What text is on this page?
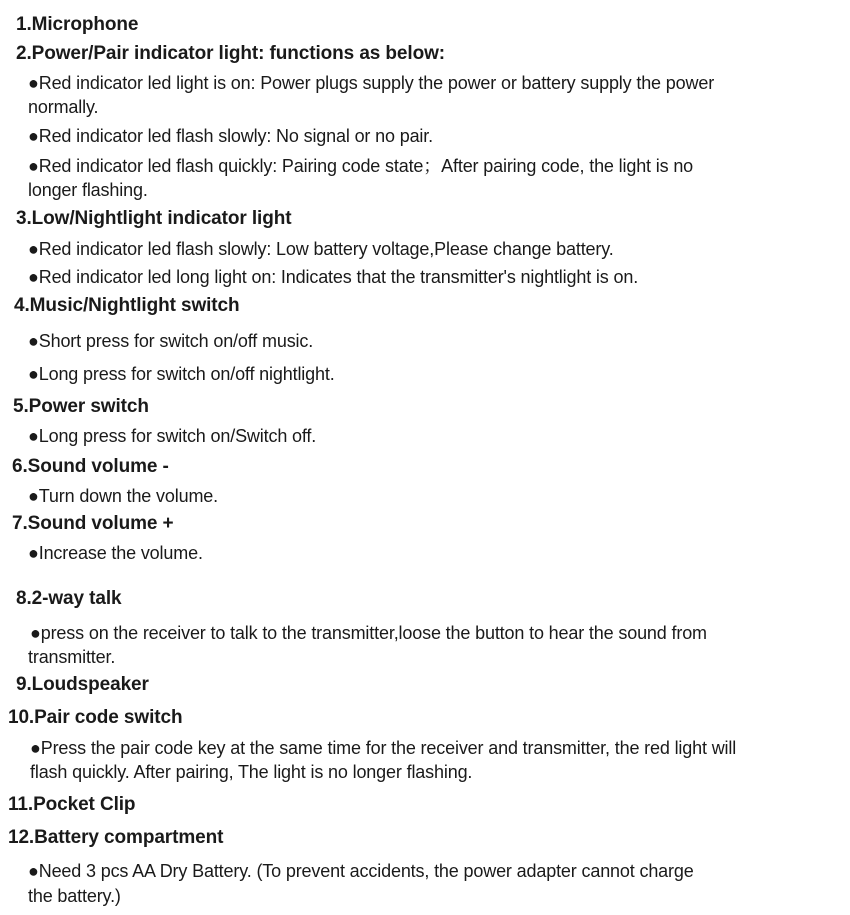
1.Microphone
2.Power/Pair indicator light: functions as below:
●Red indicator led light is on: Power plugs supply the power or battery supply the power
normally.
●Red indicator led flash slowly: No signal or no pair.
●Red indicator led flash quickly: Pairing code state；After pairing code, the light is no
longer flashing.
3.Low/Nightlight indicator light
●Red indicator led flash slowly: Low battery voltage,Please change battery.
●Red indicator led long light on: Indicates that the transmitter's nightlight is on.
4.Music/Nightlight switch
●Short press for switch on/off music.
●Long press for switch on/off nightlight.
5.Power switch
●Long press for switch on/Switch off.
6.Sound volume -
●Turn down the volume.
7.Sound volume +
●Increase the volume.
8.2-way talk
●press on the receiver to talk to the transmitter,loose the button to hear the sound from
transmitter.
9.Loudspeaker
10.Pair code switch
●Press the pair code key at the same time for the receiver and transmitter, the red light will
flash quickly. After pairing, The light is no longer flashing.
11.Pocket Clip
12.Battery compartment
●Need 3 pcs AA Dry Battery. (To prevent accidents, the power adapter cannot charge
the battery.)
